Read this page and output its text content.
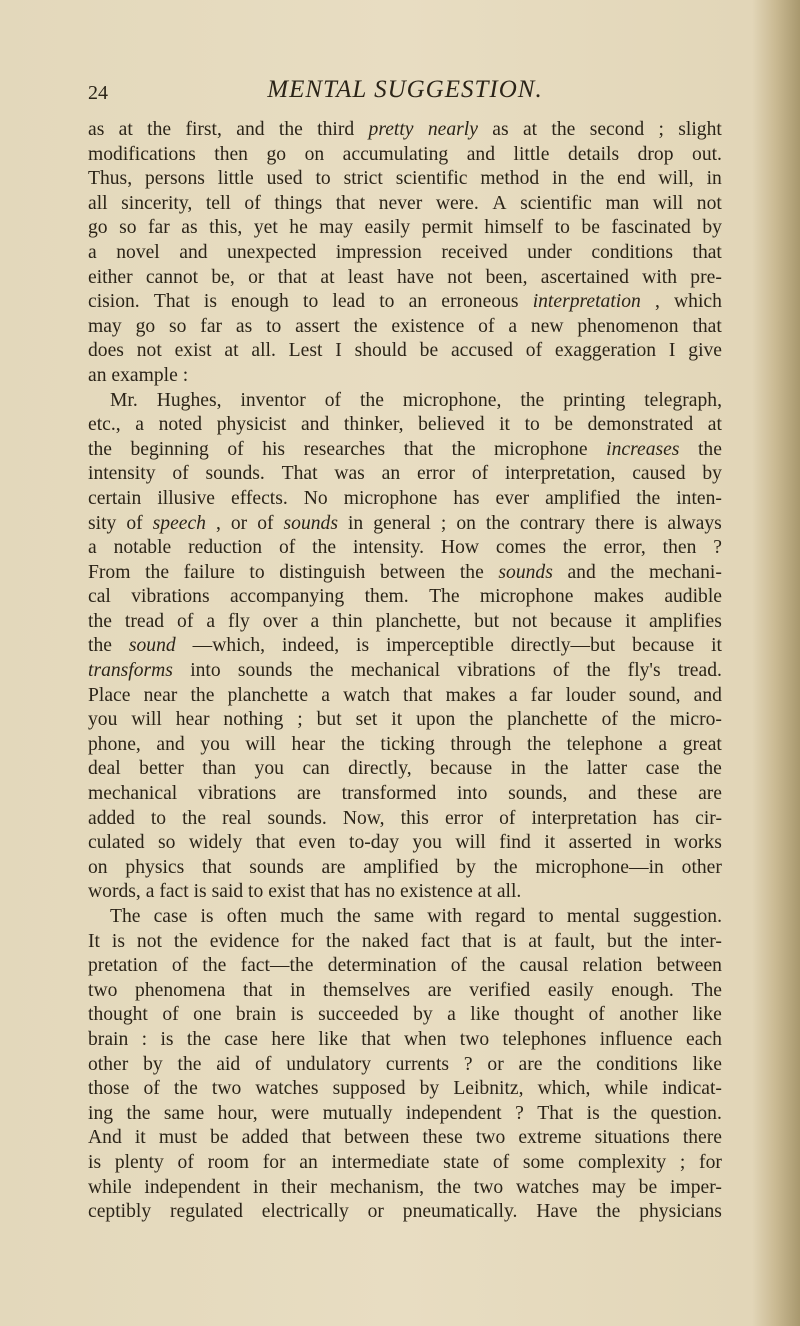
24	MENTAL SUGGESTION.
as at the first, and the third pretty nearly as at the second ; slight
modifications then go on accumulating and little details drop out.
Thus, persons little used to strict scientific method in the end will, in
all sincerity, tell of things that never were. A scientific man will not
go so far as this, yet he may easily permit himself to be fascinated by
a novel and unexpected impression received under conditions that
either cannot be, or that at least have not been, ascertained with pre-
cision. That is enough to lead to an erroneous interpretation , which
may go so far as to assert the existence of a new phenomenon that
does not exist at all. Lest I should be accused of exaggeration I give
an
example
:

Mr. Hughes, inventor of the microphone, the printing telegraph,
etc., a noted physicist and thinker, believed it to be demonstrated at
the beginning of his researches that the microphone increases the
intensity of sounds. That was an error of interpretation, caused by
certain illusive effects. No microphone has ever amplified the inten-
sity of speech , or of sounds in general ; on the contrary there is always
a notable reduction of the intensity. How comes the error, then ?
From the failure to distinguish between the sounds and the mechani-
cal vibrations accompanying them. The microphone makes audible
the tread of a fly over a thin planchette, but not because it amplifies
the sound —which, indeed, is imperceptible directly—but because it
transforms into sounds the mechanical vibrations of the fly's tread.
Place near the planchette a watch that makes a far louder sound, and
you will hear nothing ; but set it upon the planchette of the micro-
phone, and you will hear the ticking through the telephone a great
deal better than you can directly, because in the latter case the
mechanical vibrations are transformed into sounds, and these are
added to the real sounds. Now, this error of interpretation has cir-
culated so widely that even to-day you will find it asserted in works
on physics that sounds are amplified by the microphone—in other
words,
a
fact
is
said
to
exist
that
has
no
existence
at
all.

The case is often much the same with regard to mental suggestion.
It is not the evidence for the naked fact that is at fault, but the inter-
pretation of the fact—the determination of the causal relation between
two phenomena that in themselves are verified easily enough. The
thought of one brain is succeeded by a like thought of another like
brain : is the case here like that when two telephones influence each
other by the aid of undulatory currents ? or are the conditions like
those of the two watches supposed by Leibnitz, which, while indicat-
ing the same hour, were mutually independent ? That is the question.
And it must be added that between these two extreme situations there
is plenty of room for an intermediate state of some complexity ; for
while independent in their mechanism, the two watches may be imper-
ceptibly regulated electrically or pneumatically. Have the physicians
